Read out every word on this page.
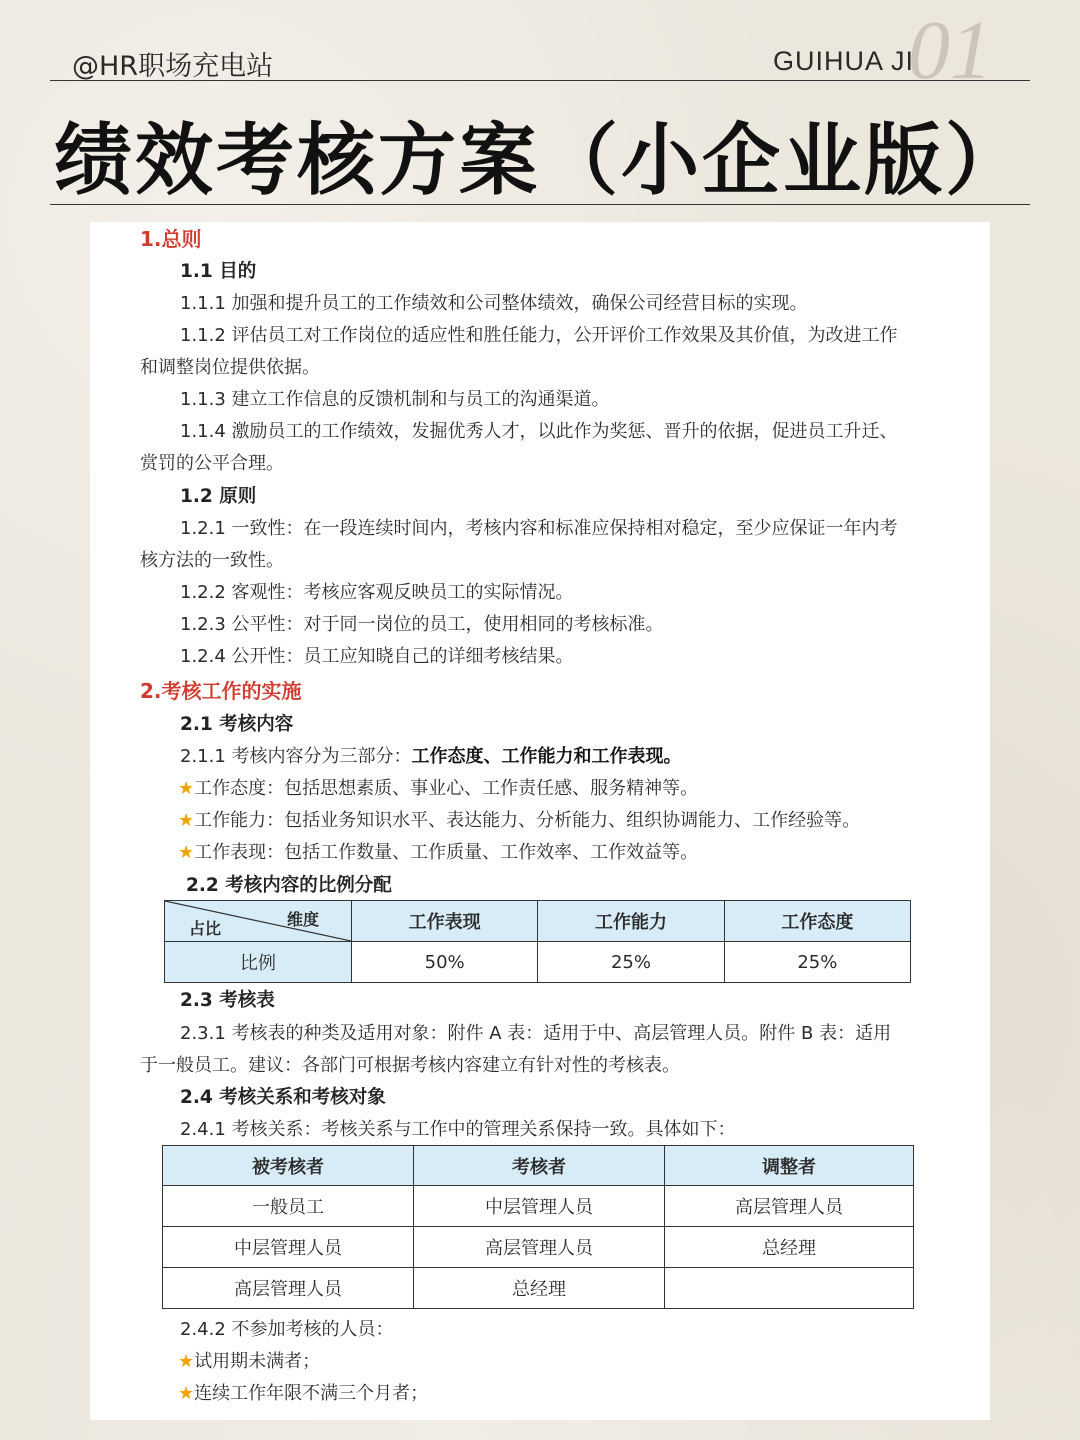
@HR职场充电站	01
GUIHUA JI
绩效考核方案（小企业版）
1.总则
1.1 目的
1.1.1 加强和提升员工的工作绩效和公司整体绩效，确保公司经营目标的实现。
1.1.2 评估员工对工作岗位的适应性和胜任能力，公开评价工作效果及其价值，为改进工作
和调整岗位提供依据。
1.1.3 建立工作信息的反馈机制和与员工的沟通渠道。
1.1.4 激励员工的工作绩效，发掘优秀人才，以此作为奖惩、晋升的依据，促进员工升迁、
赏罚的公平合理。
1.2 原则
1.2.1 一致性：在一段连续时间内，考核内容和标准应保持相对稳定，至少应保证一年内考
核方法的一致性。
1.2.2 客观性：考核应客观反映员工的实际情况。
1.2.3 公平性：对于同一岗位的员工，使用相同的考核标准。
1.2.4 公开性：员工应知晓自己的详细考核结果。
2.考核工作的实施
2.1 考核内容
2.1.1 考核内容分为三部分：工作态度、工作能力和工作表现。
★工作态度：包括思想素质、事业心、工作责任感、服务精神等。
★工作能力：包括业务知识水平、表达能力、分析能力、组织协调能力、工作经验等。
★工作表现：包括工作数量、工作质量、工作效率、工作效益等。
2.2 考核内容的比例分配
维度
占比	工作表现	工作能力	工作态度
比例	50%	25%	25%
2.3 考核表
2.3.1 考核表的种类及适用对象：附件 A 表：适用于中、高层管理人员。附件 B 表：适用
于一般员工。建议：各部门可根据考核内容建立有针对性的考核表。
2.4 考核关系和考核对象
2.4.1 考核关系：考核关系与工作中的管理关系保持一致。具体如下：
被考核者	考核者	调整者
一般员工	中层管理人员	高层管理人员
中层管理人员	高层管理人员	总经理
高层管理人员	总经理	
2.4.2 不参加考核的人员：
★试用期未满者；
★连续工作年限不满三个月者；
